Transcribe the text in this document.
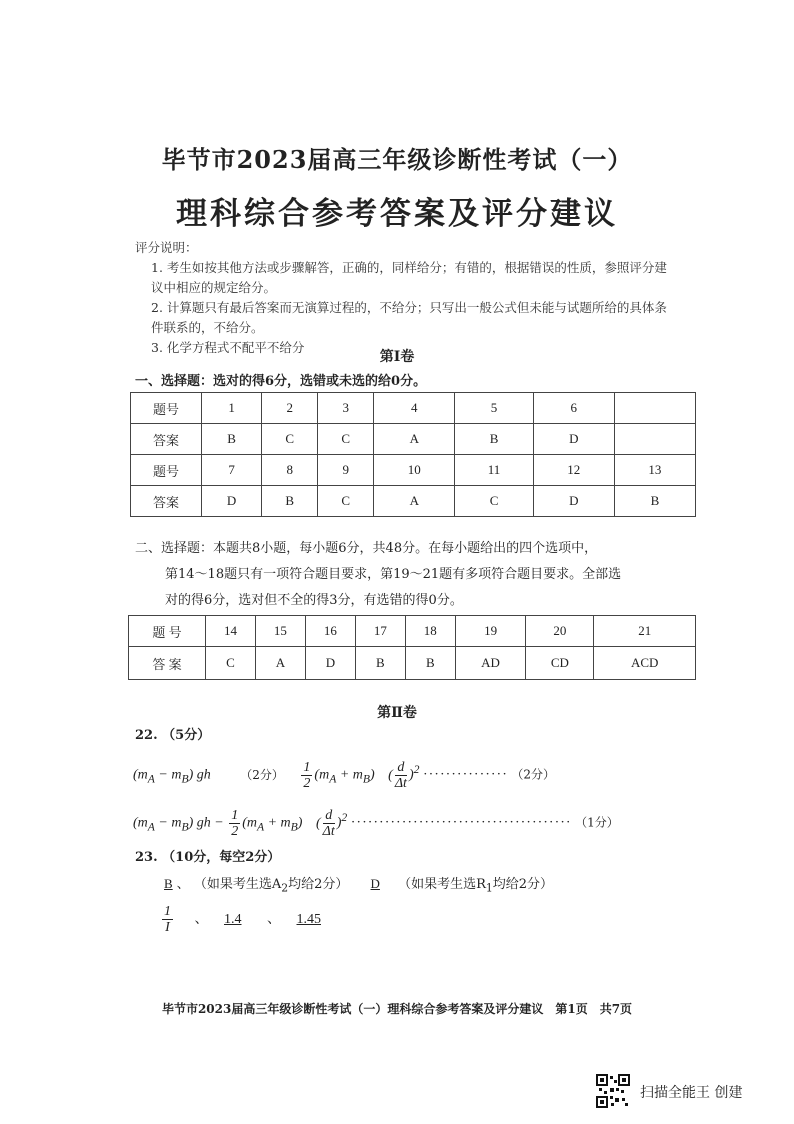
毕节市2023届高三年级诊断性考试（一）
理科综合参考答案及评分建议

评分说明：

1. 考生如按其他方法或步骤解答，正确的，同样给分；有错的，根据错误的性质，参照评分建议中相应的规定给分。

2. 计算题只有最后答案而无演算过程的，不给分；只写出一般公式但未能与试题所给的具体条件联系的，不给分。

3. 化学方程式不配平不给分

第Ⅰ卷
一、选择题：选对的得6分，选错或未选的给0分。
题号	1	2	3	4	5	6	
答案	B	C	C	A	B	D	
题号	7	8	9	10	11	12	13
答案	D	B	C	A	C	D	B
二、选择题：本题共8小题，每小题6分，共48分。在每小题给出的四个选项中，
第14～18题只有一项符合题目要求，第19～21题有多项符合题目要求。全部选
对的得6分，选对但不全的得3分，有选错的得0分。
题 号	14	15	16	17	18	19	20	21
答 案	C	A	D	B	B	AD	CD	ACD
第Ⅱ卷
22. （5分）
$(m_A - m_B)$ gh （2分） $\frac{1}{2} (m_A + m_B)$ ( $\frac{d}{\Delta t} )^2$ ··············· （2分）
$(m_A - m_B)$ gh − $\frac{1}{2} (m_A + m_B)$ ( $\frac{d}{\Delta t} )^2$ ······································· （1分）
23. （10分，每空2分）
B 、 （如果考生选$A_2$均给2分） D （如果考生选$R_1$均给2分）
$\frac{1}{I}$ 、 1.4 、 1.45
毕节市2023届高三年级诊断性考试（一）理科综合参考答案及评分建议　第1页　共7页
扫描全能王 创建
